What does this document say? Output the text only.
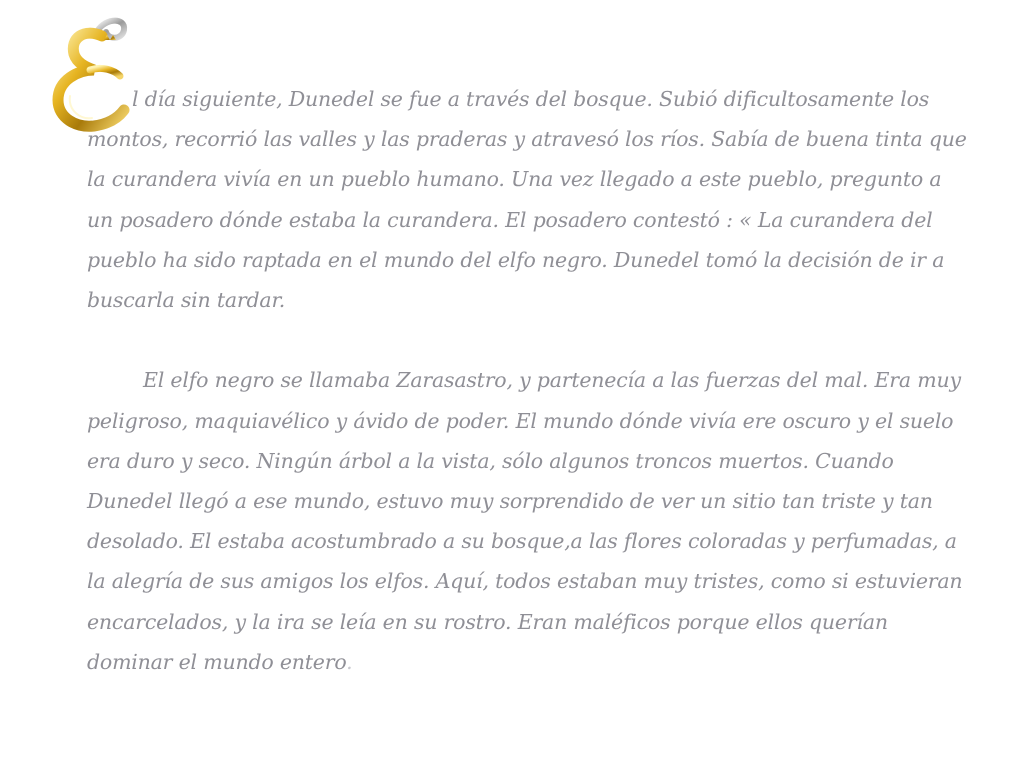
l día siguiente, Dunedel se fue a través del bosque. Subió dificultosamente los montos, recorrió las valles y las praderas y atravesó los ríos. Sabía de buena tinta que la curandera vivía en un pueblo humano. Una vez llegado a este pueblo, pregunto a un posadero dónde estaba la curandera. El posadero contestó : « La curandera del pueblo ha sido raptada en el mundo del elfo negro. Dunedel tomó la decisión de ir a buscarla sin tardar.

El elfo negro se llamaba Zarasastro, y partenecía a las fuerzas del mal. Era muy peligroso, maquiavélico y ávido de poder. El mundo dónde vivía ere oscuro y el suelo era duro y seco. Ningún árbol a la vista, sólo algunos troncos muertos. Cuando Dunedel llegó a ese mundo, estuvo muy sorprendido de ver un sitio tan triste y tan desolado. El estaba acostumbrado a su bosque,a las flores coloradas y perfumadas, a la alegría de sus amigos los elfos. Aquí, todos estaban muy tristes, como si estuvieran encarcelados, y la ira se leía en su rostro. Eran maléficos porque ellos querían dominar el mundo entero.
